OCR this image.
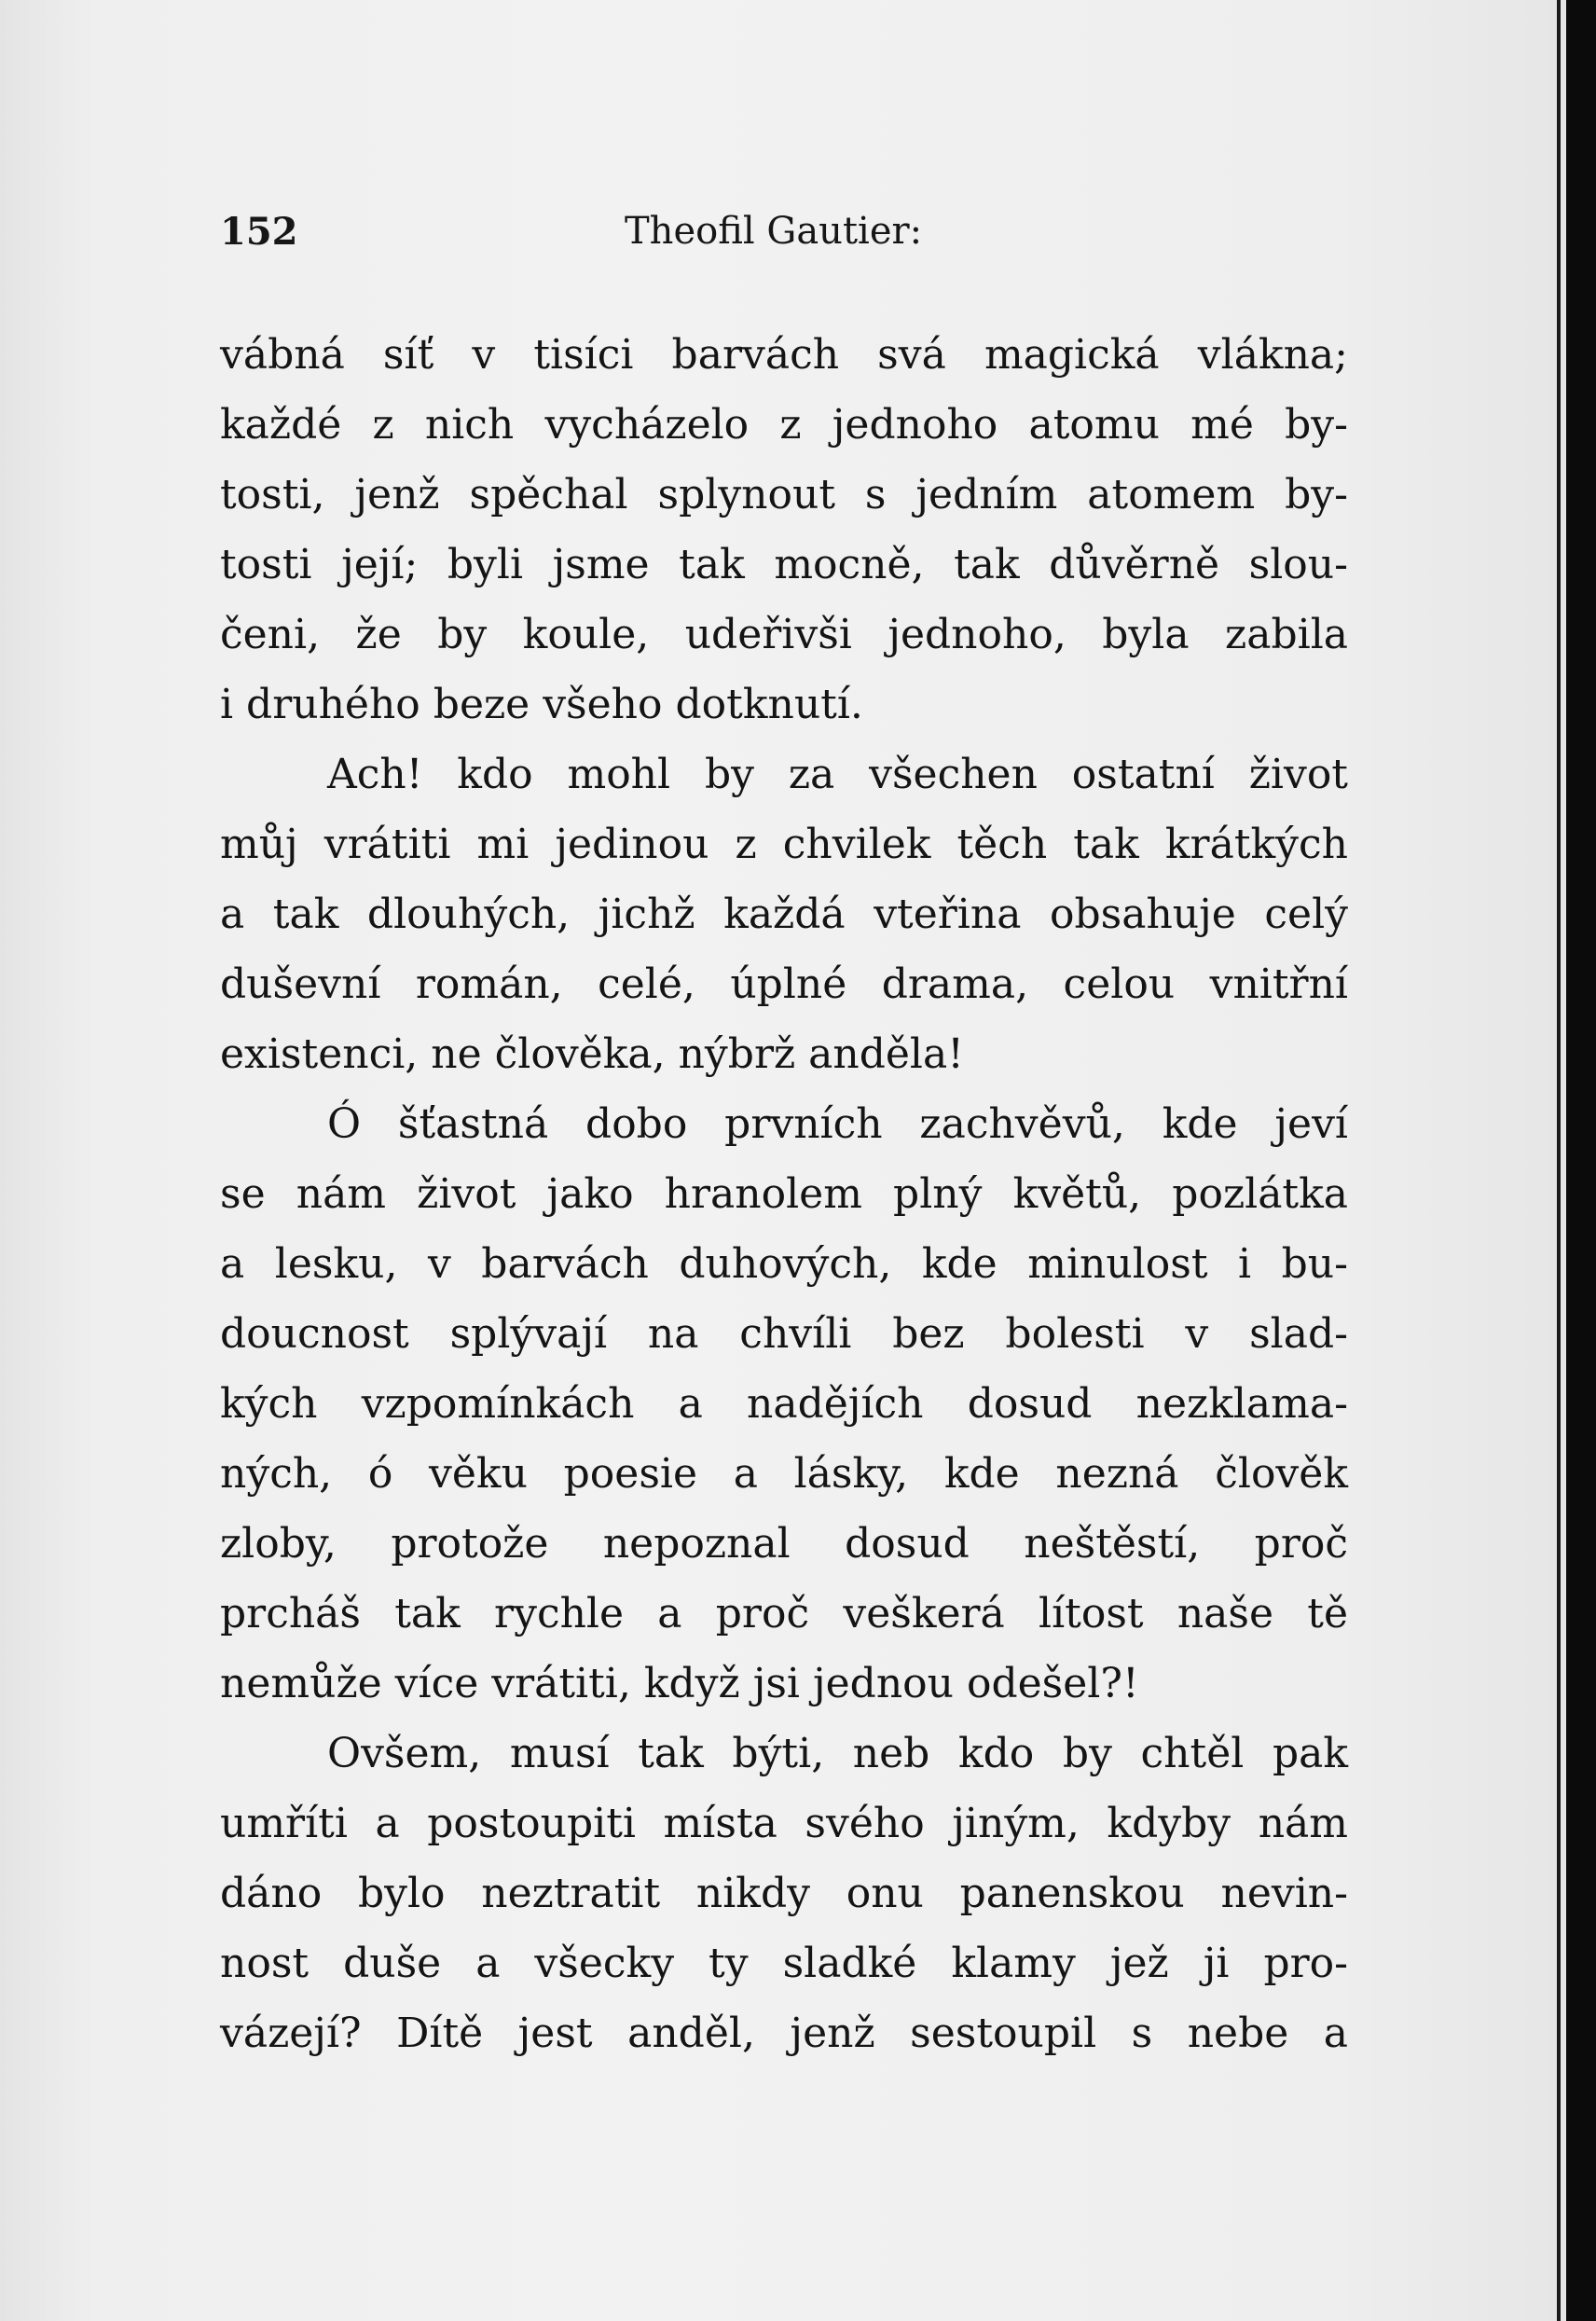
152	Theofil Gautier:
vábná síť v tisíci barvách svá magická vlákna;
každé z nich vycházelo z jednoho atomu mé by-
tosti, jenž spěchal splynout s jedním atomem by-
tosti její; byli jsme tak mocně, tak důvěrně slou-
čeni, že by koule, udeřivši jednoho, byla zabila
i druhého beze všeho dotknutí.
Ach! kdo mohl by za všechen ostatní život
můj vrátiti mi jedinou z chvilek těch tak krátkých
a tak dlouhých, jichž každá vteřina obsahuje celý
duševní román, celé, úplné drama, celou vnitřní
existenci, ne člověka, nýbrž anděla!
Ó šťastná dobo prvních zachvěvů, kde jeví
se nám život jako hranolem plný květů, pozlátka
a lesku, v barvách duhových, kde minulost i bu-
doucnost splývají na chvíli bez bolesti v slad-
kých vzpomínkách a nadějích dosud nezklama-
ných, ó věku poesie a lásky, kde nezná člověk
zloby, protože nepoznal dosud neštěstí, proč
prcháš tak rychle a proč veškerá lítost naše tě
nemůže více vrátiti, když jsi jednou odešel?!
Ovšem, musí tak býti, neb kdo by chtěl pak
umříti a postoupiti místa svého jiným, kdyby nám
dáno bylo neztratit nikdy onu panenskou nevin-
nost duše a všecky ty sladké klamy jež ji pro-
vázejí? Dítě jest anděl, jenž sestoupil s nebe a
